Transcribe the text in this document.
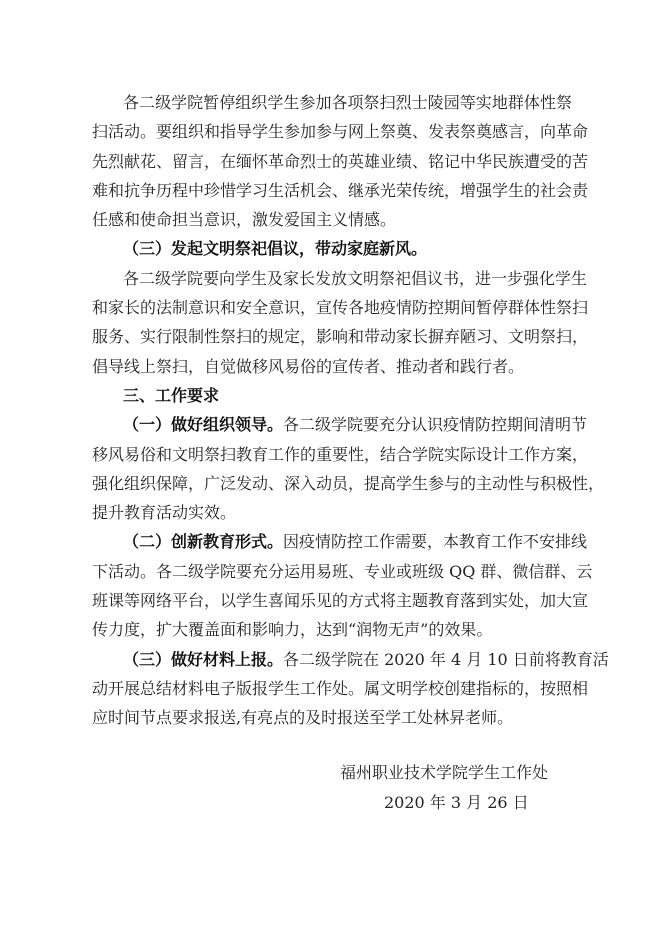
各二级学院暂停组织学生参加各项祭扫烈士陵园等实地群体性祭
扫活动。要组织和指导学生参加参与网上祭奠、发表祭奠感言，向革命
先烈献花、留言，在缅怀革命烈士的英雄业绩、铭记中华民族遭受的苦
难和抗争历程中珍惜学习生活机会、继承光荣传统，增强学生的社会责
任感和使命担当意识，激发爱国主义情感。
（三）发起文明祭祀倡议，带动家庭新风。
各二级学院要向学生及家长发放文明祭祀倡议书，进一步强化学生
和家长的法制意识和安全意识，宣传各地疫情防控期间暂停群体性祭扫
服务、实行限制性祭扫的规定，影响和带动家长摒弃陋习、文明祭扫，
倡导线上祭扫，自觉做移风易俗的宣传者、推动者和践行者。
三、工作要求
（一）做好组织领导。各二级学院要充分认识疫情防控期间清明节
移风易俗和文明祭扫教育工作的重要性，结合学院实际设计工作方案，
强化组织保障，广泛发动、深入动员，提高学生参与的主动性与积极性，
提升教育活动实效。
（二）创新教育形式。因疫情防控工作需要，本教育工作不安排线
下活动。各二级学院要充分运用易班、专业或班级 QQ 群、微信群、云
班课等网络平台，以学生喜闻乐见的方式将主题教育落到实处，加大宣
传力度，扩大覆盖面和影响力，达到“润物无声”的效果。
（三）做好材料上报。各二级学院在 2020 年 4 月 10 日前将教育活
动开展总结材料电子版报学生工作处。属文明学校创建指标的，按照相
应时间节点要求报送,有亮点的及时报送至学工处林昇老师。
福州职业技术学院学生工作处
2020 年 3 月 26 日
